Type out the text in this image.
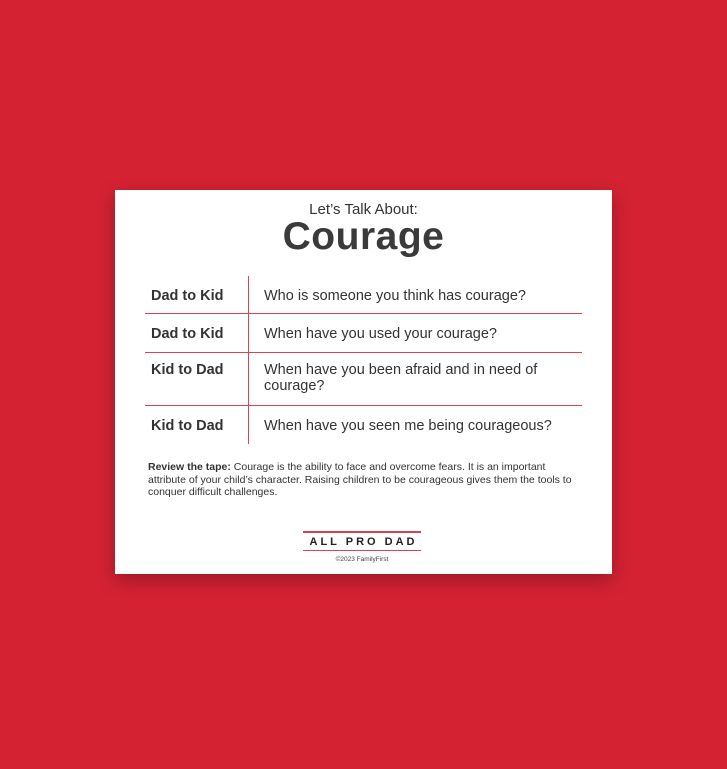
Let’s Talk About:
Courage
Dad to Kid	Who is someone you think has courage?
Dad to Kid	When have you used your courage?
Kid to Dad	When have you been afraid and in need of courage?
Kid to Dad	When have you seen me being courageous?
Review the tape: Courage is the ability to face and overcome fears. It is an important attribute of your child’s character. Raising children to be courageous gives them the tools to conquer difficult challenges.
ALL PRO DAD
©2023 FamilyFirst
